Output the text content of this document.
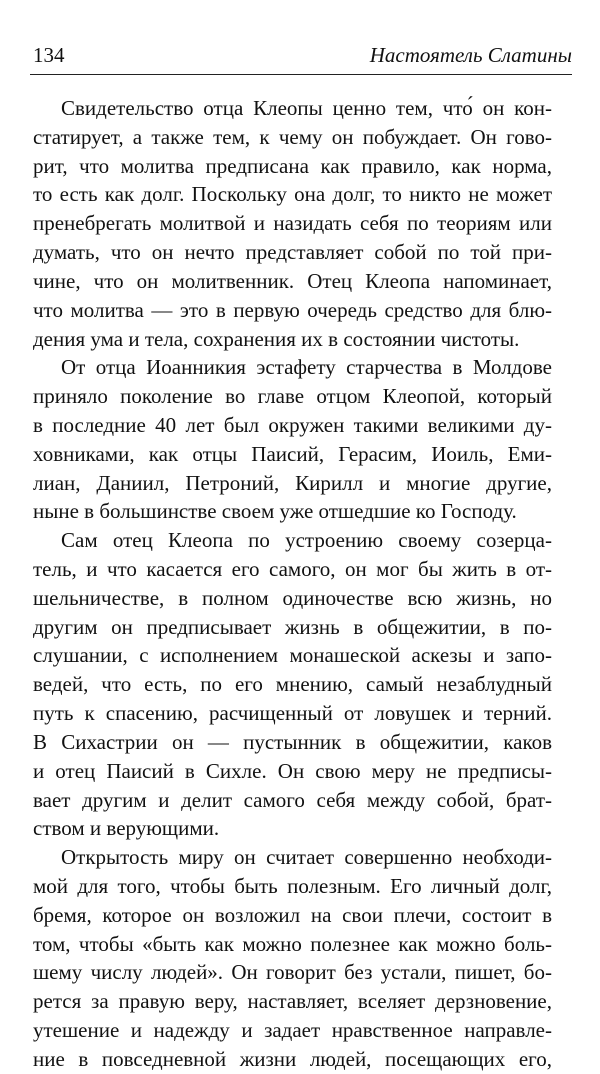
134	Настоятель Слатины
Свидетельство отца Клеопы ценно тем, что́ он кон-
статирует, а также тем, к чему он побуждает. Он гово-
рит, что молитва предписана как правило, как норма,
то есть как долг. Поскольку она долг, то никто не может
пренебрегать молитвой и назидать себя по теориям или
думать, что он нечто представляет собой по той при-
чине, что он молитвенник. Отец Клеопа напоминает,
что молитва — это в первую очередь средство для блю-
дения ума и тела, сохранения их в состоянии чистоты.
От отца Иоанникия эстафету старчества в Молдове
приняло поколение во главе отцом Клеопой, который
в последние 40 лет был окружен такими великими ду-
ховниками, как отцы Паисий, Герасим, Иоиль, Еми-
лиан, Даниил, Петроний, Кирилл и многие другие,
ныне в большинстве своем уже отшедшие ко Господу.
Сам отец Клеопа по устроению своему созерца-
тель, и что касается его самого, он мог бы жить в от-
шельничестве, в полном одиночестве всю жизнь, но
другим он предписывает жизнь в общежитии, в по-
слушании, с исполнением монашеской аскезы и запо-
ведей, что есть, по его мнению, самый незаблудный
путь к спасению, расчищенный от ловушек и терний.
В Сихастрии он — пустынник в общежитии, каков
и отец Паисий в Сихле. Он свою меру не предписы-
вает другим и делит самого себя между собой, брат-
ством и верующими.
Открытость миру он считает совершенно необходи-
мой для того, чтобы быть полезным. Его личный долг,
бремя, которое он возложил на свои плечи, состоит в
том, чтобы «быть как можно полезнее как можно боль-
шему числу людей». Он говорит без устали, пишет, бо-
рется за правую веру, наставляет, вселяет дерзновение,
утешение и надежду и задает нравственное направле-
ние в повседневной жизни людей, посещающих его,
